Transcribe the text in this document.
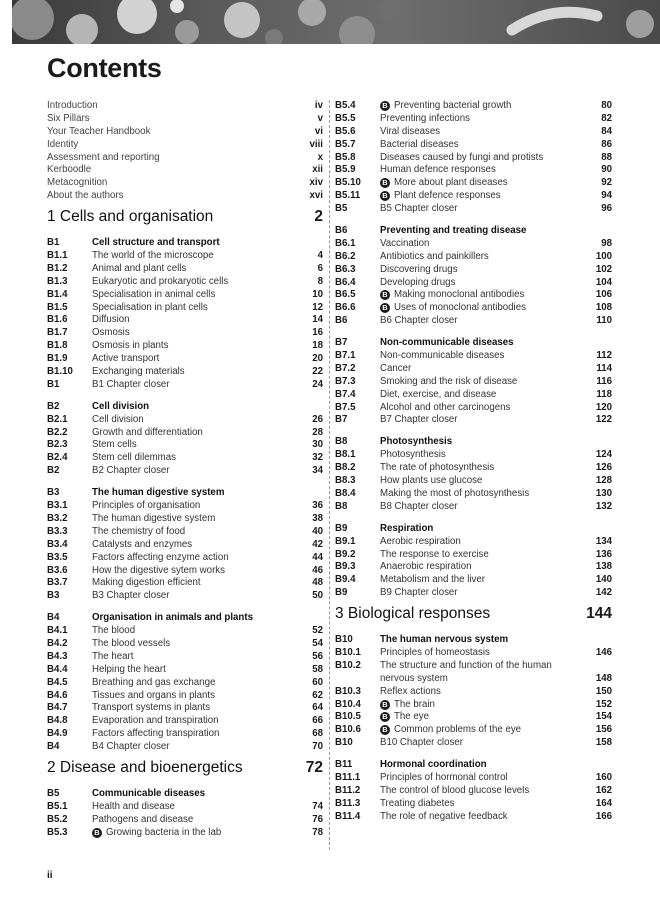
Contents
Introduction	iv
Six Pillars	v
Your Teacher Handbook	vi
Identity	viii
Assessment and reporting	x
Kerboodle	xii
Metacognition	xiv
About the authors	xvi
1 Cells and organisation	2
B1	Cell structure and transport
B1.1	The world of the microscope	4
B1.2	Animal and plant cells	6
B1.3	Eukaryotic and prokaryotic cells	8
B1.4	Specialisation in animal cells	10
B1.5	Specialisation in plant cells	12
B1.6	Diffusion	14
B1.7	Osmosis	16
B1.8	Osmosis in plants	18
B1.9	Active transport	20
B1.10	Exchanging materials	22
B1	B1 Chapter closer	24
B2	Cell division
B2.1	Cell division	26
B2.2	Growth and differentiation	28
B2.3	Stem cells	30
B2.4	Stem cell dilemmas	32
B2	B2 Chapter closer	34
B3	The human digestive system
B3.1	Principles of organisation	36
B3.2	The human digestive system	38
B3.3	The chemistry of food	40
B3.4	Catalysts and enzymes	42
B3.5	Factors affecting enzyme action	44
B3.6	How the digestive sytem works	46
B3.7	Making digestion efficient	48
B3	B3 Chapter closer	50
B4	Organisation in animals and plants
B4.1	The blood	52
B4.2	The blood vessels	54
B4.3	The heart	56
B4.4	Helping the heart	58
B4.5	Breathing and gas exchange	60
B4.6	Tissues and organs in plants	62
B4.7	Transport systems in plants	64
B4.8	Evaporation and transpiration	66
B4.9	Factors affecting transpiration	68
B4	B4 Chapter closer	70
2 Disease and bioenergetics	72
B5	Communicable diseases
B5.1	Health and disease	74
B5.2	Pathogens and disease	76
B5.3	B Growing bacteria in the lab	78
B5.4	B Preventing bacterial growth	80
B5.5	Preventing infections	82
B5.6	Viral diseases	84
B5.7	Bacterial diseases	86
B5.8	Diseases caused by fungi and protists	88
B5.9	Human defence responses	90
B5.10	B More about plant diseases	92
B5.11	B Plant defence responses	94
B5	B5 Chapter closer	96
B6	Preventing and treating disease
B6.1	Vaccination	98
B6.2	Antibiotics and painkillers	100
B6.3	Discovering drugs	102
B6.4	Developing drugs	104
B6.5	B Making monoclonal antibodies	106
B6.6	B Uses of monoclonal antibodies	108
B6	B6 Chapter closer	110
B7	Non-communicable diseases
B7.1	Non-communicable diseases	112
B7.2	Cancer	114
B7.3	Smoking and the risk of disease	116
B7.4	Diet, exercise, and disease	118
B7.5	Alcohol and other carcinogens	120
B7	B7 Chapter closer	122
B8	Photosynthesis
B8.1	Photosynthesis	124
B8.2	The rate of photosynthesis	126
B8.3	How plants use glucose	128
B8.4	Making the most of photosynthesis	130
B8	B8 Chapter closer	132
B9	Respiration
B9.1	Aerobic respiration	134
B9.2	The response to exercise	136
B9.3	Anaerobic respiration	138
B9.4	Metabolism and the liver	140
B9	B9 Chapter closer	142
3 Biological responses	144
B10	The human nervous system
B10.1	Principles of homeostasis	146
B10.2	The structure and function of the human
nervous system	148
B10.3	Reflex actions	150
B10.4	B The brain	152
B10.5	B The eye	154
B10.6	B Common problems of the eye	156
B10	B10 Chapter closer	158
B11	Hormonal coordination
B11.1	Principles of hormonal control	160
B11.2	The control of blood glucose levels	162
B11.3	Treating diabetes	164
B11.4	The role of negative feedback	166
ii
